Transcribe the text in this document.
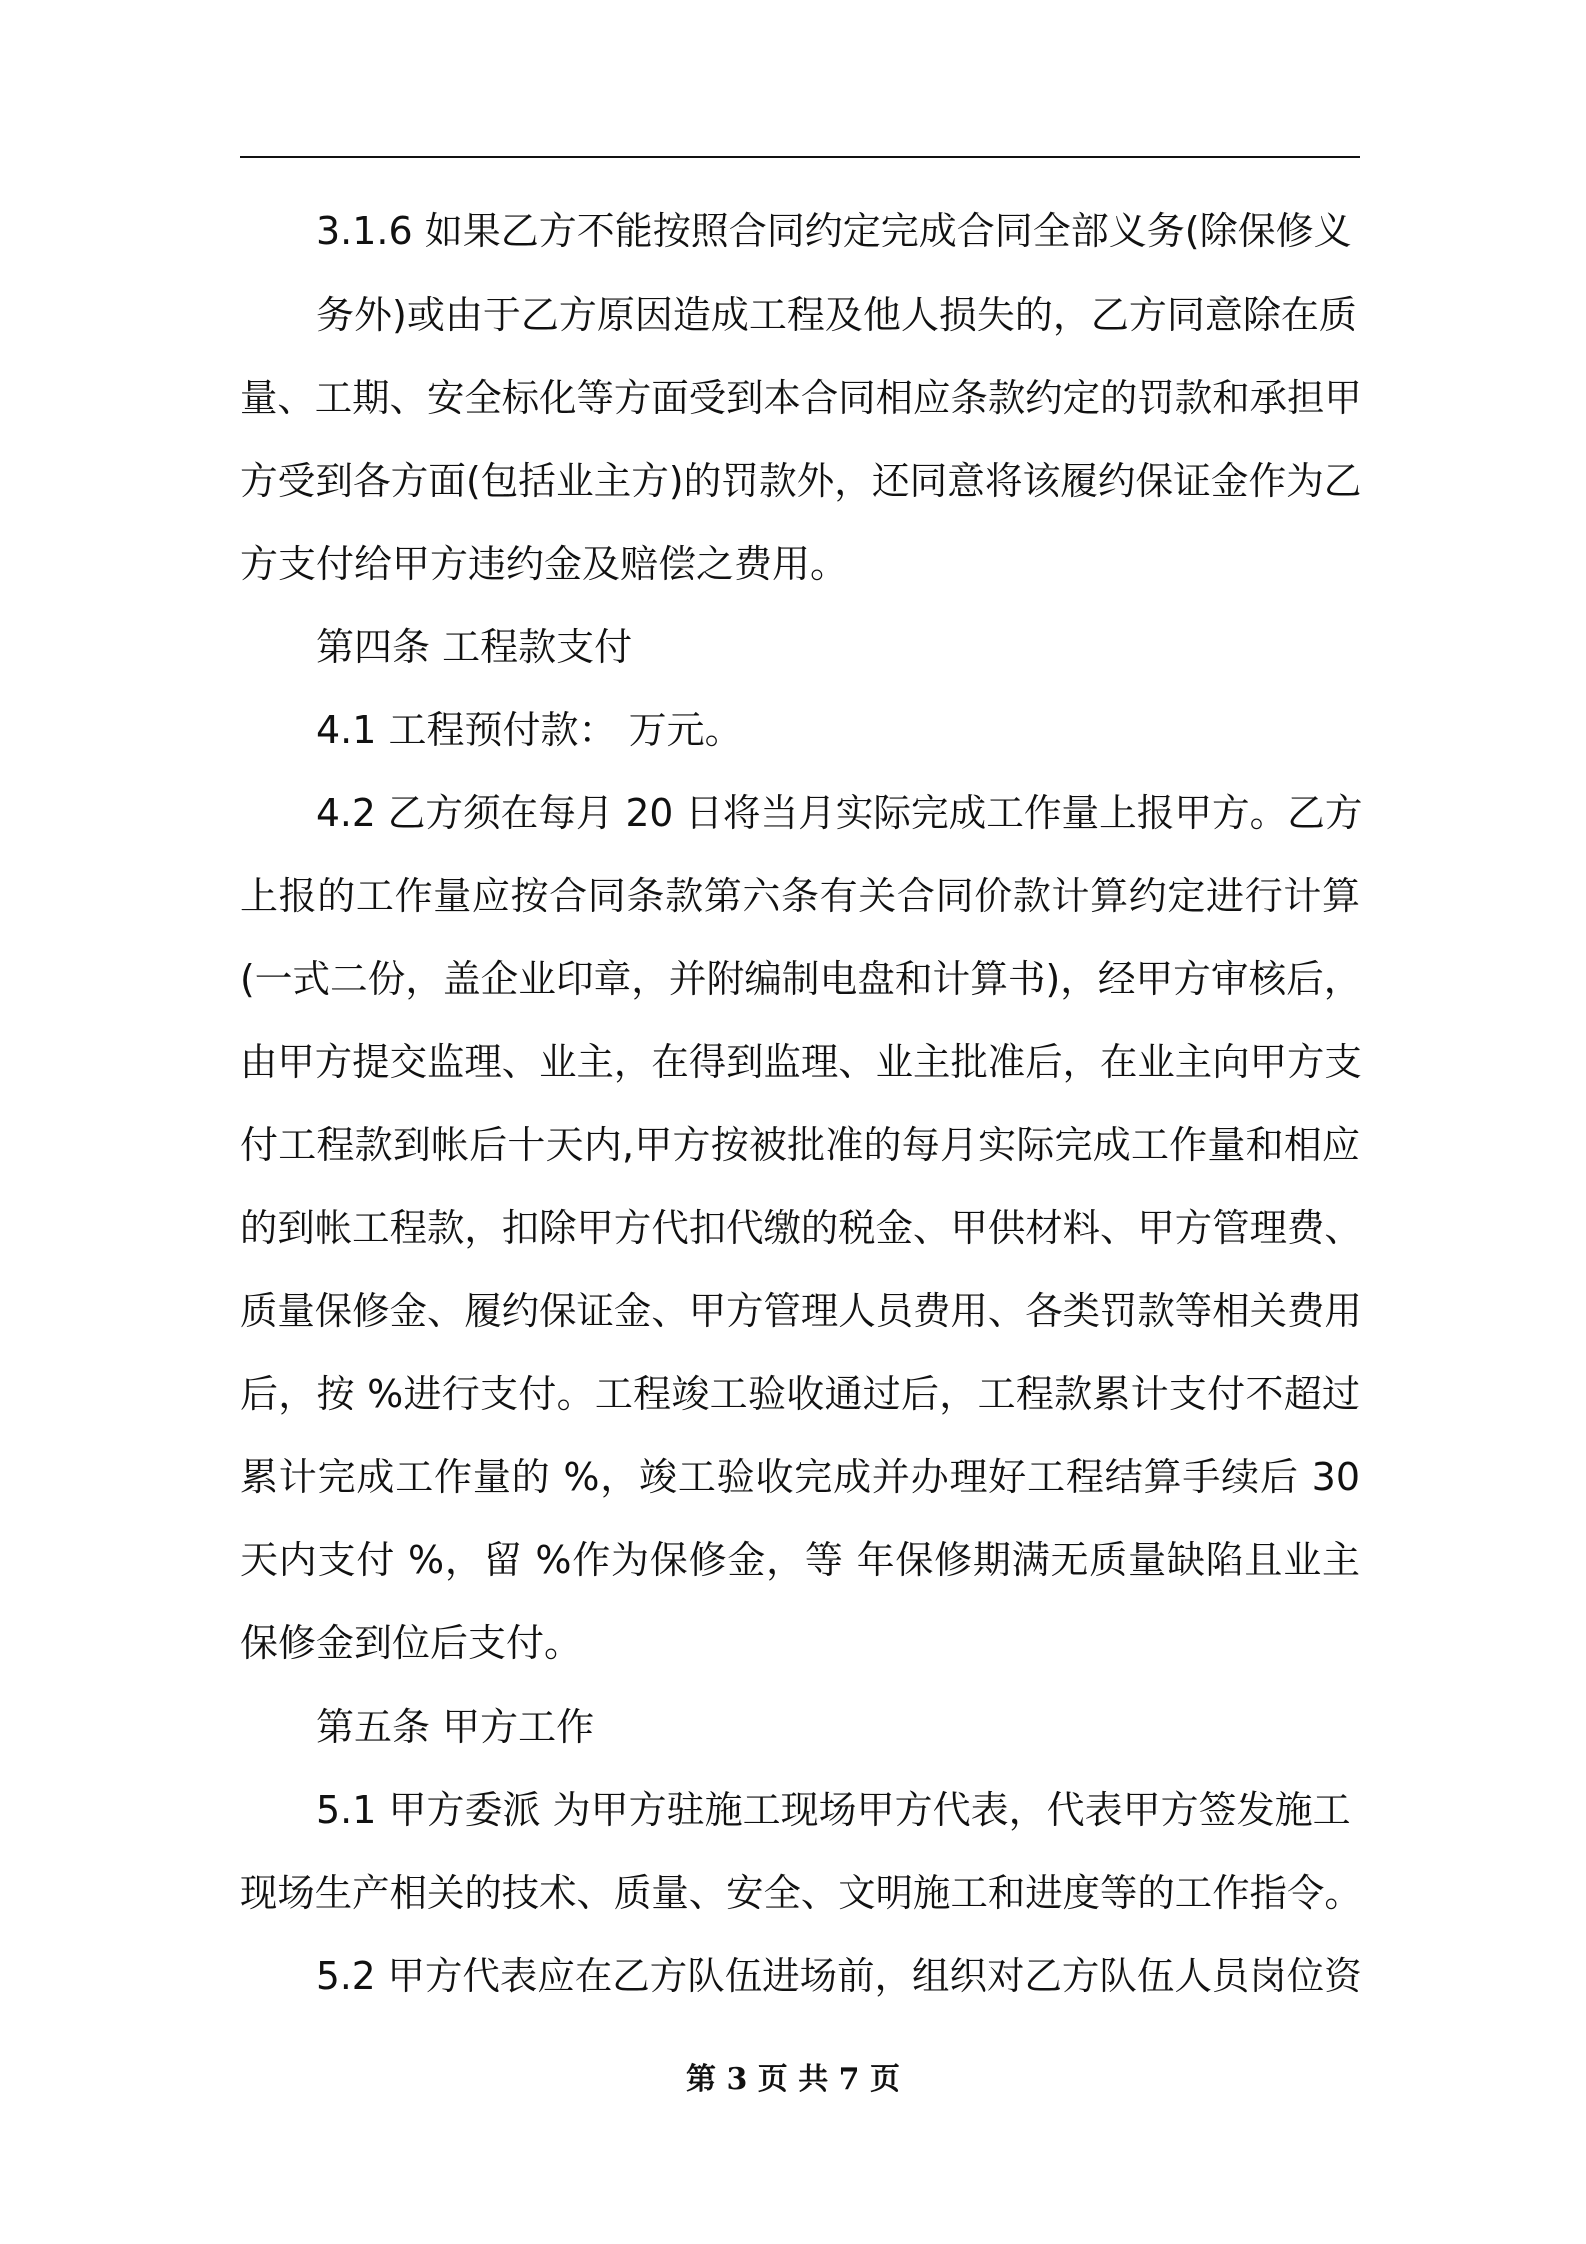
3.1.6 如果乙方不能按照合同约定完成合同全部义务(除保修义
务外)或由于乙方原因造成工程及他人损失的，乙方同意除在质
量、工期、安全标化等方面受到本合同相应条款约定的罚款和承担甲
方受到各方面(包括业主方)的罚款外，还同意将该履约保证金作为乙
方支付给甲方违约金及赔偿之费用。
第四条 工程款支付
4.1 工程预付款： 万元。
4.2 乙方须在每月 20 日将当月实际完成工作量上报甲方。乙方
上报的工作量应按合同条款第六条有关合同价款计算约定进行计算
(一式二份，盖企业印章，并附编制电盘和计算书)，经甲方审核后，
由甲方提交监理、业主，在得到监理、业主批准后，在业主向甲方支
付工程款到帐后十天内,甲方按被批准的每月实际完成工作量和相应
的到帐工程款，扣除甲方代扣代缴的税金、甲供材料、甲方管理费、
质量保修金、履约保证金、甲方管理人员费用、各类罚款等相关费用
后，按 %进行支付。工程竣工验收通过后，工程款累计支付不超过
累计完成工作量的 %，竣工验收完成并办理好工程结算手续后 30
天内支付 %，留 %作为保修金，等 年保修期满无质量缺陷且业主
保修金到位后支付。
第五条 甲方工作
5.1 甲方委派 为甲方驻施工现场甲方代表，代表甲方签发施工
现场生产相关的技术、质量、安全、文明施工和进度等的工作指令。
5.2 甲方代表应在乙方队伍进场前，组织对乙方队伍人员岗位资
第 3 页 共 7 页
